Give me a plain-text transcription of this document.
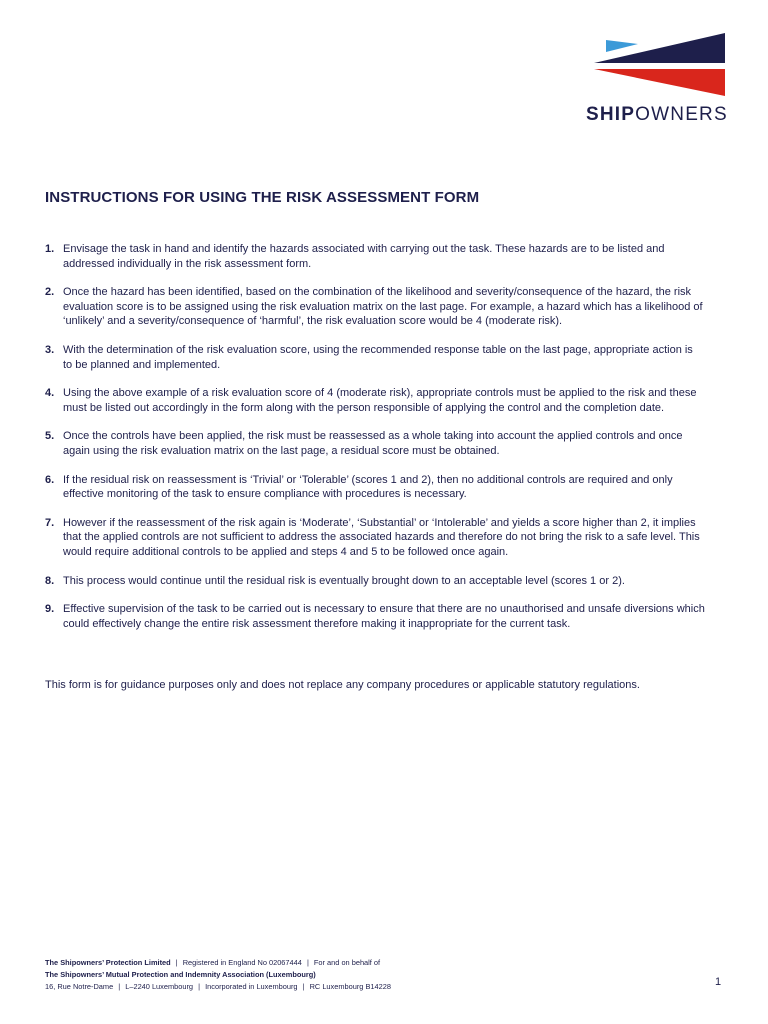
SHIPOWNERS
INSTRUCTIONS FOR USING THE RISK ASSESSMENT FORM
1. Envisage the task in hand and identify the hazards associated with carrying out the task. These hazards are to be listed and addressed individually in the risk assessment form.
2. Once the hazard has been identified, based on the combination of the likelihood and severity/consequence of the hazard, the risk evaluation score is to be assigned using the risk evaluation matrix on the last page. For example, a hazard which has a likelihood of ‘unlikely’ and a severity/consequence of ‘harmful’, the risk evaluation score would be 4 (moderate risk).
3. With the determination of the risk evaluation score, using the recommended response table on the last page, appropriate action is to be planned and implemented.
4. Using the above example of a risk evaluation score of 4 (moderate risk), appropriate controls must be applied to the risk and these must be listed out accordingly in the form along with the person responsible of applying the control and the completion date.
5. Once the controls have been applied, the risk must be reassessed as a whole taking into account the applied controls and once again using the risk evaluation matrix on the last page, a residual score must be obtained.
6. If the residual risk on reassessment is ‘Trivial’ or ‘Tolerable’ (scores 1 and 2), then no additional controls are required and only effective monitoring of the task to ensure compliance with procedures is necessary.
7. However if the reassessment of the risk again is ‘Moderate’, ‘Substantial’ or ‘Intolerable’ and yields a score higher than 2, it implies that the applied controls are not sufficient to address the associated hazards and therefore do not bring the risk to a safe level. This would require additional controls to be applied and steps 4 and 5 to be followed once again.
8. This process would continue until the residual risk is eventually brought down to an acceptable level (scores 1 or 2).
9. Effective supervision of the task to be carried out is necessary to ensure that there are no unauthorised and unsafe diversions which could effectively change the entire risk assessment therefore making it inappropriate for the current task.
This form is for guidance purposes only and does not replace any company procedures or applicable statutory regulations.
The Shipowners’ Protection Limited | Registered in England No 02067444 | For and on behalf of
The Shipowners’ Mutual Protection and Indemnity Association (Luxembourg)
16, Rue Notre-Dame | L–2240 Luxembourg | Incorporated in Luxembourg | RC Luxembourg B14228	1
